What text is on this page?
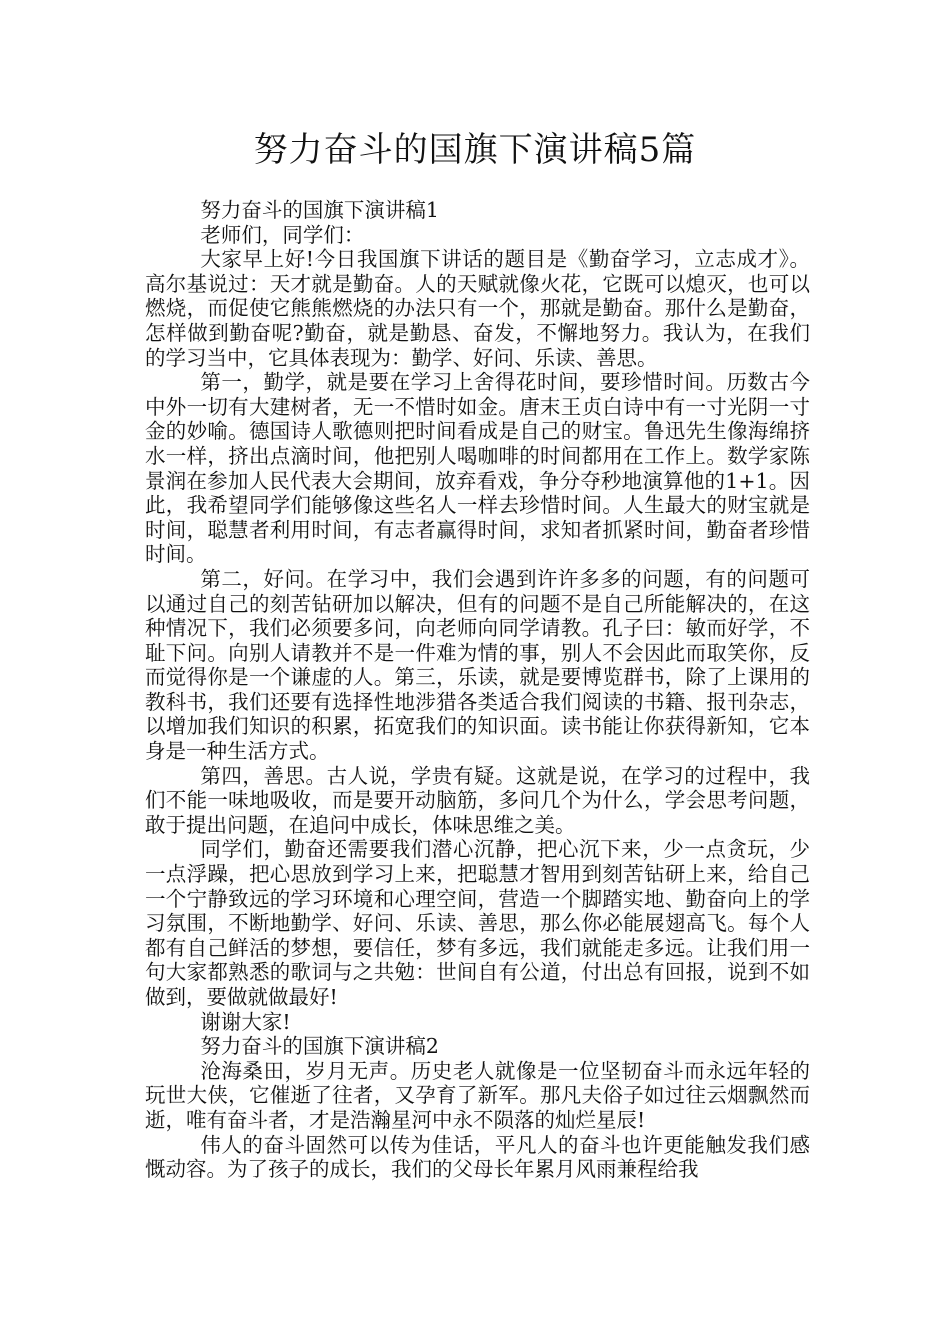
努力奋斗的国旗下演讲稿5篇

努力奋斗的国旗下演讲稿1

老师们，同学们：

大家早上好!今日我国旗下讲话的题目是《勤奋学习，立志成才》。高尔基说过：天才就是勤奋。人的天赋就像火花，它既可以熄灭，也可以燃烧，而促使它熊熊燃烧的办法只有一个，那就是勤奋。那什么是勤奋，怎样做到勤奋呢?勤奋，就是勤恳、奋发，不懈地努力。我认为，在我们的学习当中，它具体表现为：勤学、好问、乐读、善思。

第一，勤学，就是要在学习上舍得花时间，要珍惜时间。历数古今中外一切有大建树者，无一不惜时如金。唐末王贞白诗中有一寸光阴一寸金的妙喻。德国诗人歌德则把时间看成是自己的财宝。鲁迅先生像海绵挤水一样，挤出点滴时间，他把别人喝咖啡的时间都用在工作上。数学家陈景润在参加人民代表大会期间，放弃看戏，争分夺秒地演算他的1+1。因此，我希望同学们能够像这些名人一样去珍惜时间。人生最大的财宝就是时间，聪慧者利用时间，有志者赢得时间，求知者抓紧时间，勤奋者珍惜时间。

第二，好问。在学习中，我们会遇到许许多多的问题，有的问题可以通过自己的刻苦钻研加以解决，但有的问题不是自己所能解决的，在这种情况下，我们必须要多问，向老师向同学请教。孔子曰：敏而好学，不耻下问。向别人请教并不是一件难为情的事，别人不会因此而取笑你，反而觉得你是一个谦虚的人。第三，乐读，就是要博览群书，除了上课用的教科书，我们还要有选择性地涉猎各类适合我们阅读的书籍、报刊杂志，以增加我们知识的积累，拓宽我们的知识面。读书能让你获得新知，它本身是一种生活方式。

第四，善思。古人说，学贵有疑。这就是说，在学习的过程中，我们不能一味地吸收，而是要开动脑筋，多问几个为什么，学会思考问题，敢于提出问题，在追问中成长，体味思维之美。

同学们，勤奋还需要我们潜心沉静，把心沉下来，少一点贪玩，少一点浮躁，把心思放到学习上来，把聪慧才智用到刻苦钻研上来，给自己一个宁静致远的学习环境和心理空间，营造一个脚踏实地、勤奋向上的学习氛围，不断地勤学、好问、乐读、善思，那么你必能展翅高飞。每个人都有自己鲜活的梦想，要信任，梦有多远，我们就能走多远。让我们用一句大家都熟悉的歌词与之共勉：世间自有公道，付出总有回报，说到不如做到，要做就做最好!

谢谢大家!

努力奋斗的国旗下演讲稿2

沧海桑田，岁月无声。历史老人就像是一位坚韧奋斗而永远年轻的玩世大侠，它催逝了往者，又孕育了新军。那凡夫俗子如过往云烟飘然而逝，唯有奋斗者，才是浩瀚星河中永不陨落的灿烂星辰!

伟人的奋斗固然可以传为佳话，平凡人的奋斗也许更能触发我们感慨动容。为了孩子的成长，我们的父母长年累月风雨兼程给我
